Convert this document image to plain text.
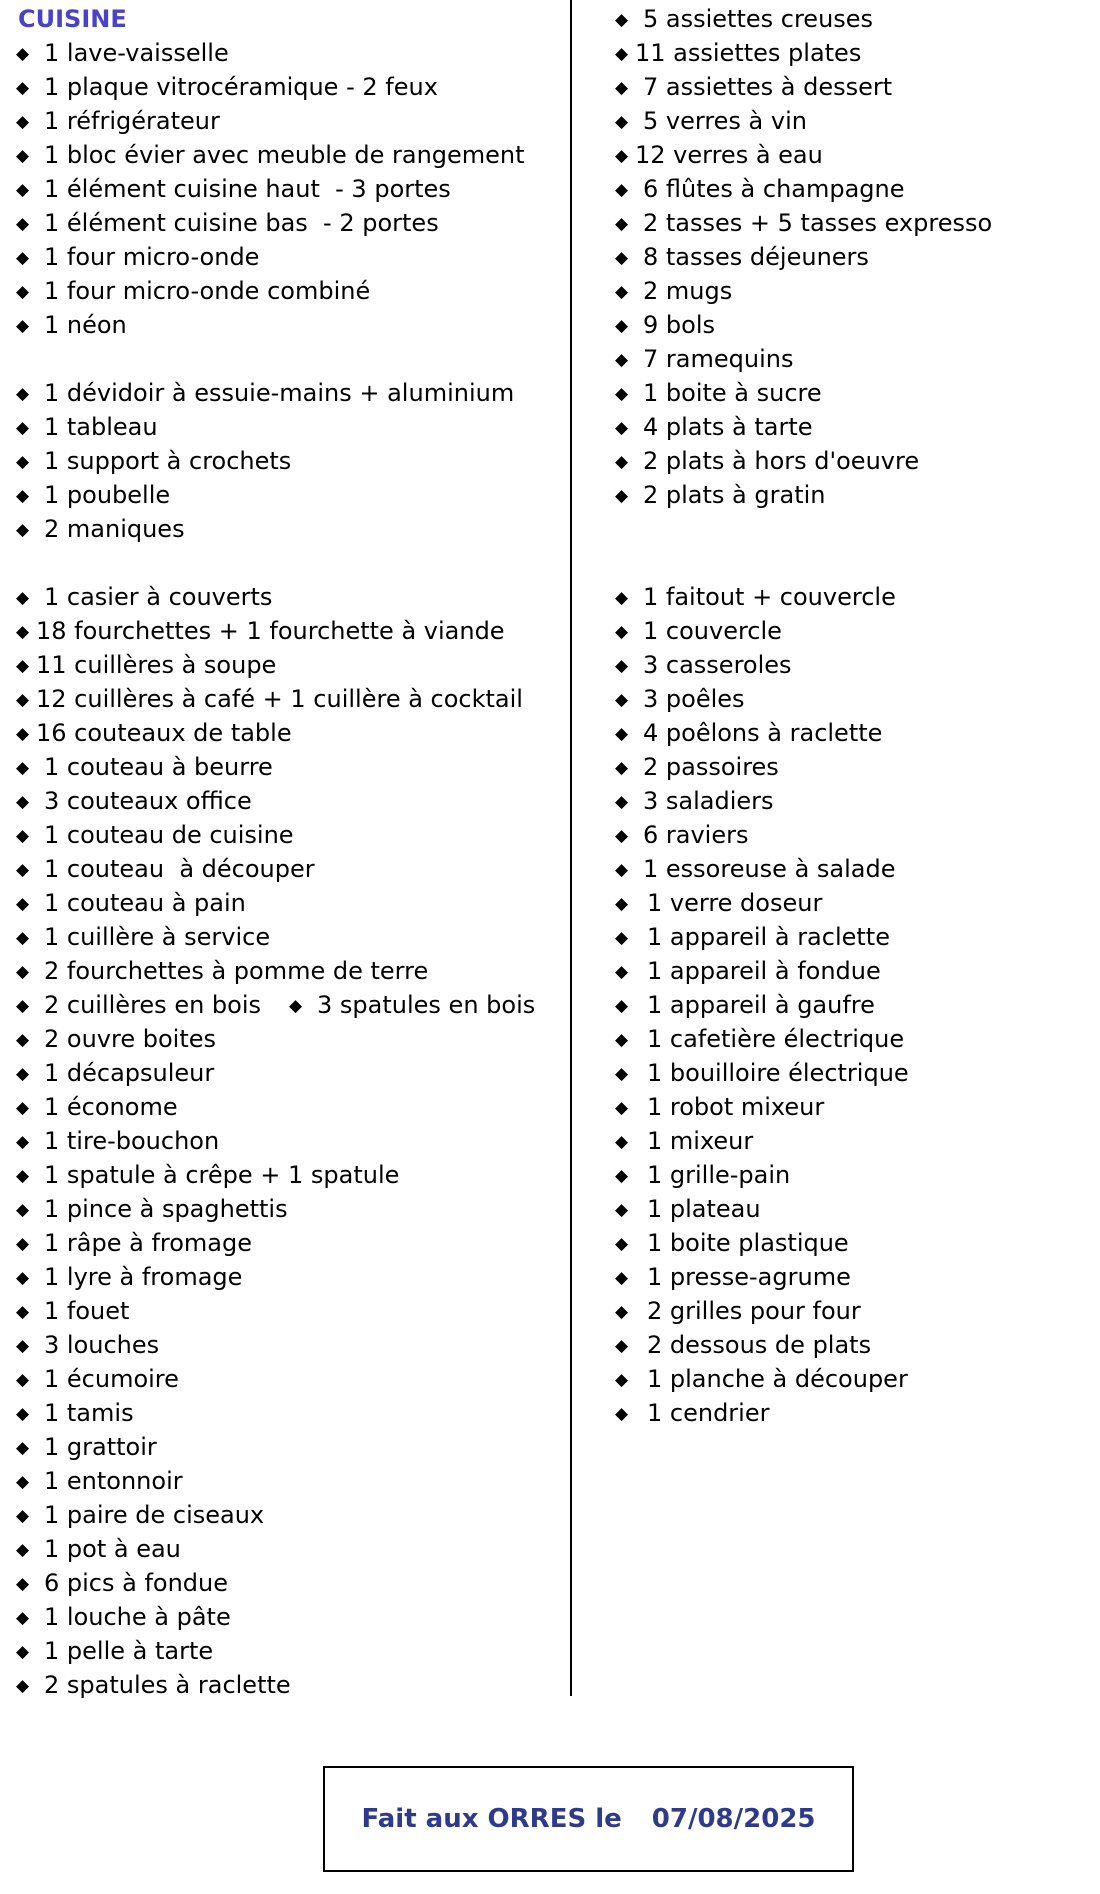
CUISINE
◆ 1 lave-vaisselle
◆ 1 plaque vitrocéramique - 2 feux
◆ 1 réfrigérateur
◆ 1 bloc évier avec meuble de rangement
◆ 1 élément cuisine haut  - 3 portes
◆ 1 élément cuisine bas  - 2 portes
◆ 1 four micro-onde
◆ 1 four micro-onde combiné
◆ 1 néon
◆ 1 dévidoir à essuie-mains + aluminium
◆ 1 tableau
◆ 1 support à crochets
◆ 1 poubelle
◆ 2 maniques
◆ 1 casier à couverts
◆ 18 fourchettes + 1 fourchette à viande
◆ 11 cuillères à soupe
◆ 12 cuillères à café + 1 cuillère à cocktail
◆ 16 couteaux de table
◆ 1 couteau à beurre
◆ 3 couteaux office
◆ 1 couteau de cuisine
◆ 1 couteau  à découper
◆ 1 couteau à pain
◆ 1 cuillère à service
◆ 2 fourchettes à pomme de terre
◆ 2 cuillères en bois ◆ 3 spatules en bois
◆ 2 ouvre boites
◆ 1 décapsuleur
◆ 1 économe
◆ 1 tire-bouchon
◆ 1 spatule à crêpe + 1 spatule
◆ 1 pince à spaghettis
◆ 1 râpe à fromage
◆ 1 lyre à fromage
◆ 1 fouet
◆ 3 louches
◆ 1 écumoire
◆ 1 tamis
◆ 1 grattoir
◆ 1 entonnoir
◆ 1 paire de ciseaux
◆ 1 pot à eau
◆ 6 pics à fondue
◆ 1 louche à pâte
◆ 1 pelle à tarte
◆ 2 spatules à raclette
◆ 5 assiettes creuses
◆ 11 assiettes plates
◆ 7 assiettes à dessert
◆ 5 verres à vin
◆ 12 verres à eau
◆ 6 flûtes à champagne
◆ 2 tasses + 5 tasses expresso
◆ 8 tasses déjeuners
◆ 2 mugs
◆ 9 bols
◆ 7 ramequins
◆ 1 boite à sucre
◆ 4 plats à tarte
◆ 2 plats à hors d'oeuvre
◆ 2 plats à gratin
◆ 1 faitout + couvercle
◆ 1 couvercle
◆ 3 casseroles
◆ 3 poêles
◆ 4 poêlons à raclette
◆ 2 passoires
◆ 3 saladiers
◆ 6 raviers
◆ 1 essoreuse à salade
◆ 1 verre doseur
◆ 1 appareil à raclette
◆ 1 appareil à fondue
◆ 1 appareil à gaufre
◆ 1 cafetière électrique
◆ 1 bouilloire électrique
◆ 1 robot mixeur
◆ 1 mixeur
◆ 1 grille-pain
◆ 1 plateau
◆ 1 boite plastique
◆ 1 presse-agrume
◆ 2 grilles pour four
◆ 2 dessous de plats
◆ 1 planche à découper
◆ 1 cendrier
Fait aux ORRES le 07/08/2025
